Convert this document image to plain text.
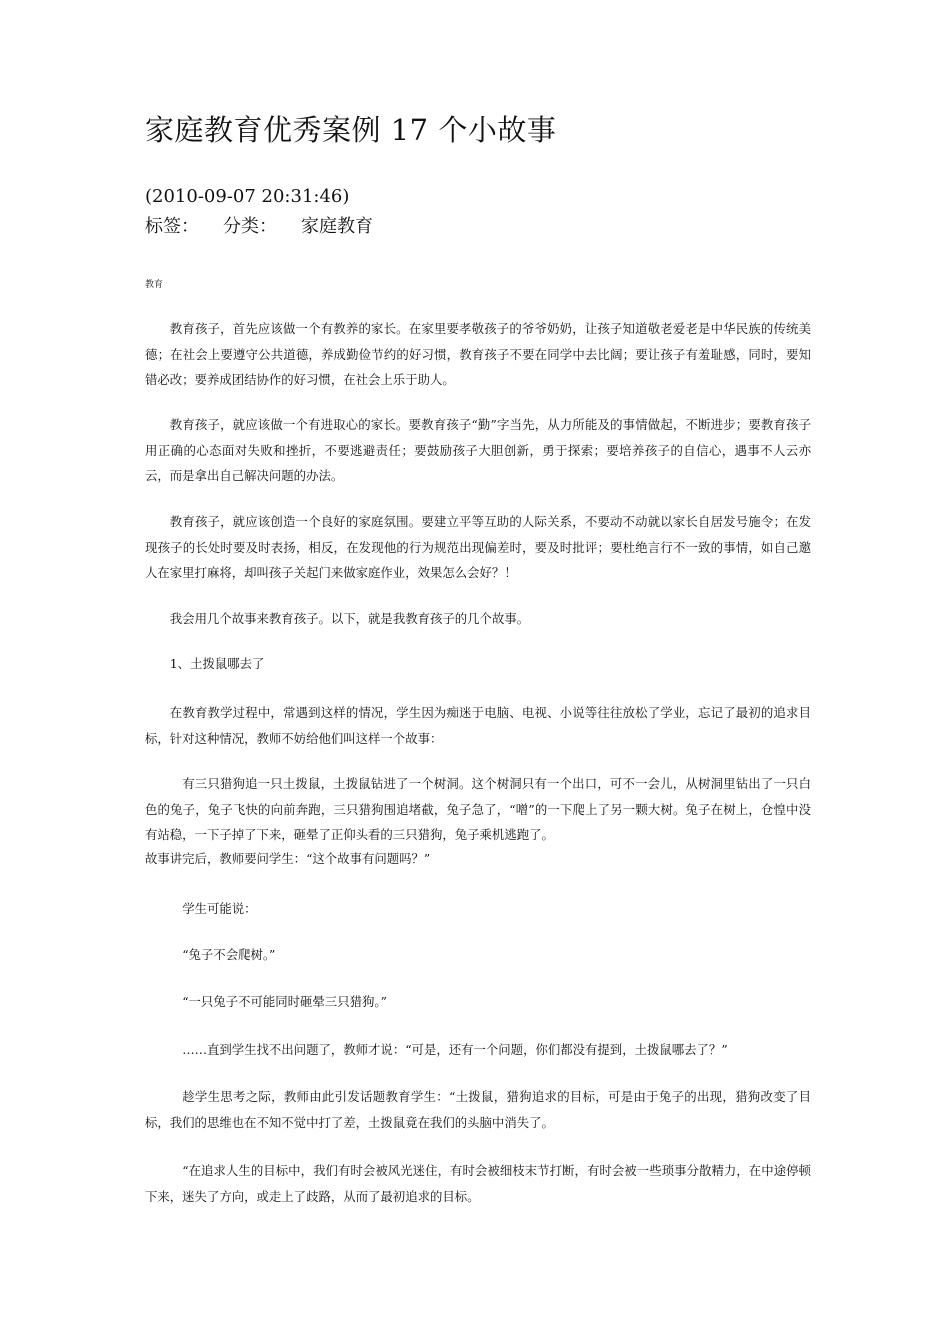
家庭教育优秀案例 17 个小故事
(2010-09-07 20:31:46)
标签： 分类： 家庭教育
教育

教育孩子，首先应该做一个有教养的家长。在家里要孝敬孩子的爷爷奶奶，让孩子知道敬老爱老是中华民族的传统美德；在社会上要遵守公共道德，养成勤俭节约的好习惯，教育孩子不要在同学中去比阔；要让孩子有羞耻感，同时，要知错必改；要养成团结协作的好习惯，在社会上乐于助人。

教育孩子，就应该做一个有进取心的家长。要教育孩子“勤”字当先，从力所能及的事情做起，不断进步；要教育孩子用正确的心态面对失败和挫折，不要逃避责任；要鼓励孩子大胆创新，勇于探索；要培养孩子的自信心，遇事不人云亦云，而是拿出自己解决问题的办法。

教育孩子，就应该创造一个良好的家庭氛围。要建立平等互助的人际关系，不要动不动就以家长自居发号施令；在发现孩子的长处时要及时表扬，相反，在发现他的行为规范出现偏差时，要及时批评；要杜绝言行不一致的事情，如自己邀人在家里打麻将，却叫孩子关起门来做家庭作业，效果怎么会好？！

我会用几个故事来教育孩子。以下，就是我教育孩子的几个故事。

1、土拨鼠哪去了

在教育教学过程中，常遇到这样的情况，学生因为痴迷于电脑、电视、小说等往往放松了学业，忘记了最初的追求目标，针对这种情况，教师不妨给他们叫这样一个故事：

有三只猎狗追一只土拨鼠，土拨鼠钻进了一个树洞。这个树洞只有一个出口，可不一会儿，从树洞里钻出了一只白色的兔子，兔子飞快的向前奔跑，三只猎狗围追堵截，兔子急了，“噌”的一下爬上了另一颗大树。兔子在树上，仓惶中没有站稳，一下子掉了下来，砸晕了正仰头看的三只猎狗，兔子乘机逃跑了。

故事讲完后，教师要问学生：“这个故事有问题吗？”

学生可能说：

“兔子不会爬树。”

“一只兔子不可能同时砸晕三只猎狗。”

……直到学生找不出问题了，教师才说：“可是，还有一个问题，你们都没有提到，土拨鼠哪去了？”

趁学生思考之际，教师由此引发话题教育学生：“土拨鼠，猎狗追求的目标，可是由于兔子的出现，猎狗改变了目标，我们的思维也在不知不觉中打了差，土拨鼠竟在我们的头脑中消失了。

“在追求人生的目标中，我们有时会被风光迷住，有时会被细枝末节打断，有时会被一些琐事分散精力，在中途停顿下来，迷失了方向，或走上了歧路，从而了最初追求的目标。
